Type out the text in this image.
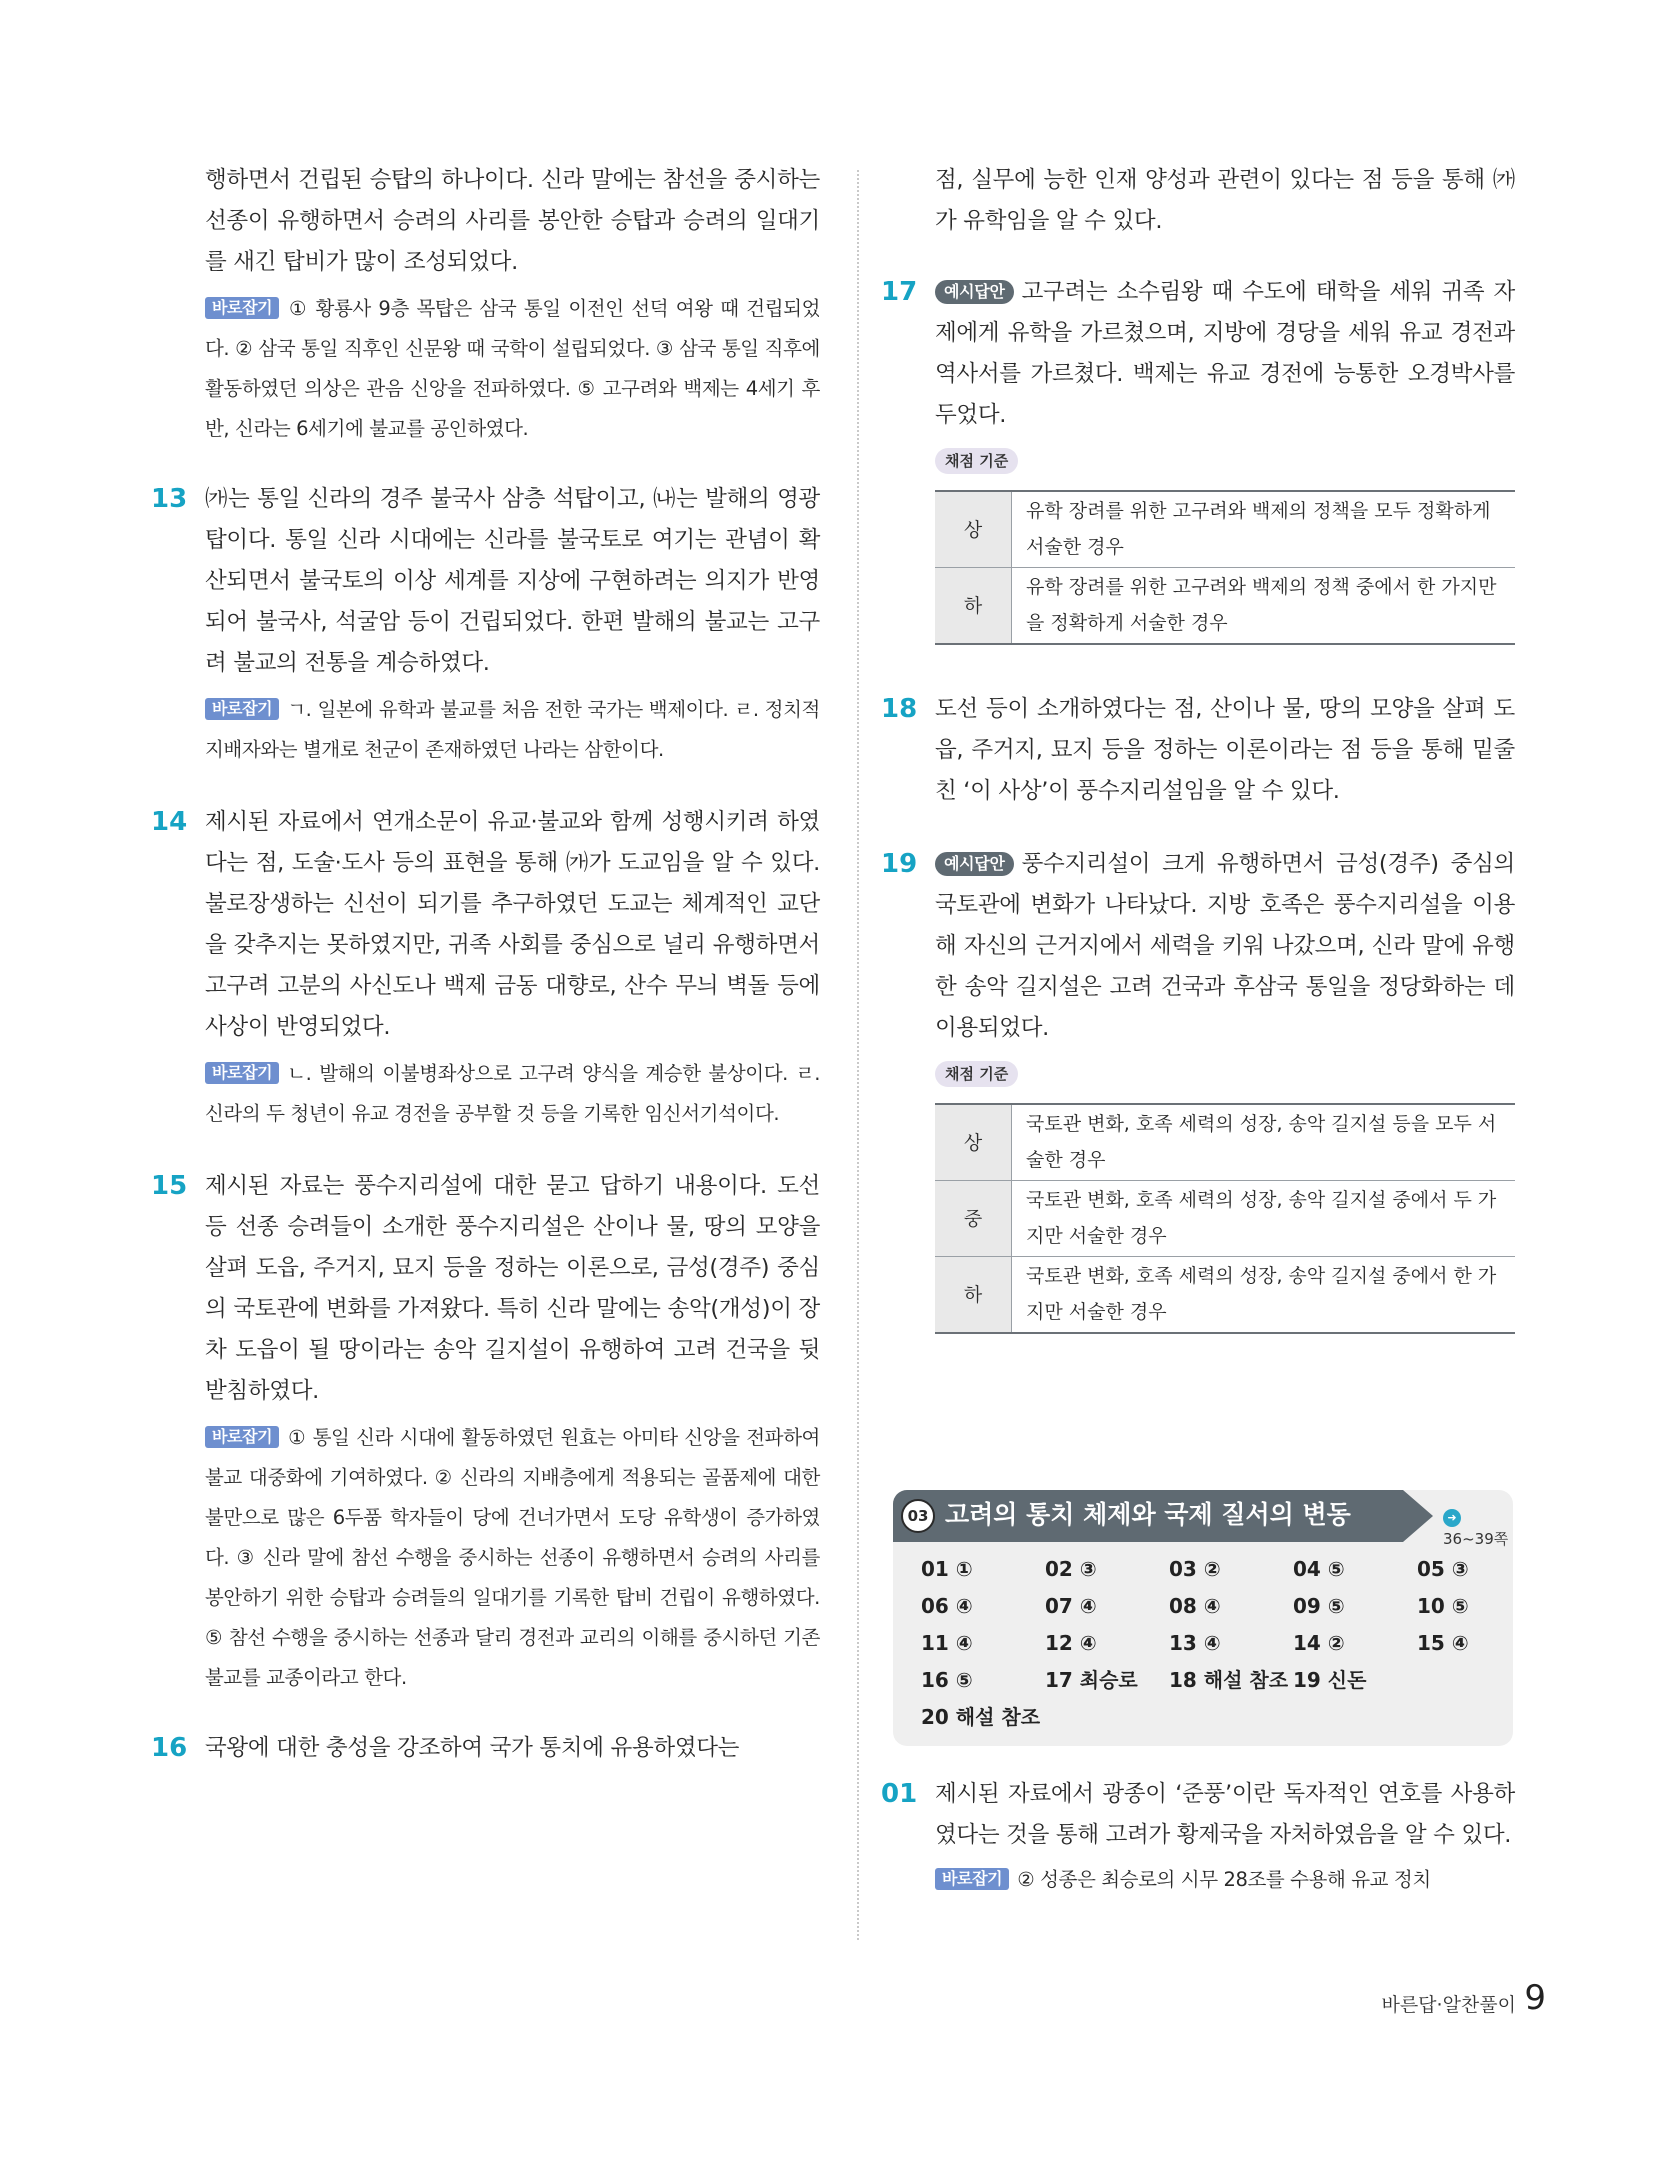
행하면서 건립된 승탑의 하나이다. 신라 말에는 참선을 중시하는 선종이 유행하면서 승려의 사리를 봉안한 승탑과 승려의 일대기를 새긴 탑비가 많이 조성되었다.

바로잡기 ① 황룡사 9층 목탑은 삼국 통일 이전인 선덕 여왕 때 건립되었다. ② 삼국 통일 직후인 신문왕 때 국학이 설립되었다. ③ 삼국 통일 직후에 활동하였던 의상은 관음 신앙을 전파하였다. ⑤ 고구려와 백제는 4세기 후반, 신라는 6세기에 불교를 공인하였다.

13 ㈎는 통일 신라의 경주 불국사 삼층 석탑이고, ㈏는 발해의 영광탑이다. 통일 신라 시대에는 신라를 불국토로 여기는 관념이 확산되면서 불국토의 이상 세계를 지상에 구현하려는 의지가 반영되어 불국사, 석굴암 등이 건립되었다. 한편 발해의 불교는 고구려 불교의 전통을 계승하였다.

바로잡기 ㄱ. 일본에 유학과 불교를 처음 전한 국가는 백제이다. ㄹ. 정치적 지배자와는 별개로 천군이 존재하였던 나라는 삼한이다.

14 제시된 자료에서 연개소문이 유교·불교와 함께 성행시키려 하였다는 점, 도술·도사 등의 표현을 통해 ㈎가 도교임을 알 수 있다. 불로장생하는 신선이 되기를 추구하였던 도교는 체계적인 교단을 갖추지는 못하였지만, 귀족 사회를 중심으로 널리 유행하면서 고구려 고분의 사신도나 백제 금동 대향로, 산수 무늬 벽돌 등에 사상이 반영되었다.

바로잡기 ㄴ. 발해의 이불병좌상으로 고구려 양식을 계승한 불상이다. ㄹ. 신라의 두 청년이 유교 경전을 공부할 것 등을 기록한 임신서기석이다.

15 제시된 자료는 풍수지리설에 대한 묻고 답하기 내용이다. 도선 등 선종 승려들이 소개한 풍수지리설은 산이나 물, 땅의 모양을 살펴 도읍, 주거지, 묘지 등을 정하는 이론으로, 금성(경주) 중심의 국토관에 변화를 가져왔다. 특히 신라 말에는 송악(개성)이 장차 도읍이 될 땅이라는 송악 길지설이 유행하여 고려 건국을 뒷받침하였다.

바로잡기 ① 통일 신라 시대에 활동하였던 원효는 아미타 신앙을 전파하여 불교 대중화에 기여하였다. ② 신라의 지배층에게 적용되는 골품제에 대한 불만으로 많은 6두품 학자들이 당에 건너가면서 도당 유학생이 증가하였다. ③ 신라 말에 참선 수행을 중시하는 선종이 유행하면서 승려의 사리를 봉안하기 위한 승탑과 승려들의 일대기를 기록한 탑비 건립이 유행하였다. ⑤ 참선 수행을 중시하는 선종과 달리 경전과 교리의 이해를 중시하던 기존 불교를 교종이라고 한다.

16 국왕에 대한 충성을 강조하여 국가 통치에 유용하였다는

점, 실무에 능한 인재 양성과 관련이 있다는 점 등을 통해 ㈎가 유학임을 알 수 있다.

17	예시답안 고구려는 소수림왕 때 수도에 태학을 세워 귀족 자제에게 유학을 가르쳤으며, 지방에 경당을 세워 유교 경전과 역사서를 가르쳤다. 백제는 유교 경전에 능통한 오경박사를 두었다.

채점 기준
상	유학 장려를 위한 고구려와 백제의 정책을 모두 정확하게 서술한 경우
하	유학 장려를 위한 고구려와 백제의 정책 중에서 한 가지만을 정확하게 서술한 경우
18 도선 등이 소개하였다는 점, 산이나 물, 땅의 모양을 살펴 도읍, 주거지, 묘지 등을 정하는 이론이라는 점 등을 통해 밑줄 친 ‘이 사상’이 풍수지리설임을 알 수 있다.

19	예시답안 풍수지리설이 크게 유행하면서 금성(경주) 중심의 국토관에 변화가 나타났다. 지방 호족은 풍수지리설을 이용해 자신의 근거지에서 세력을 키워 나갔으며, 신라 말에 유행한 송악 길지설은 고려 건국과 후삼국 통일을 정당화하는 데 이용되었다.

채점 기준
상	국토관 변화, 호족 세력의 성장, 송악 길지설 등을 모두 서술한 경우
중	국토관 변화, 호족 세력의 성장, 송악 길지설 중에서 두 가지만 서술한 경우
하	국토관 변화, 호족 세력의 성장, 송악 길지설 중에서 한 가지만 서술한 경우
03 고려의 통치 체제와 국제 질서의 변동	➜36~39쪽
01 ①	02 ③	03 ②	04 ⑤	05 ③
06 ④	07 ④	08 ④	09 ⑤	10 ⑤
11 ④	12 ④	13 ④	14 ②	15 ④
16 ⑤	17 최승로 18 해설 참조 19 신돈
20 해설 참조
01 제시된 자료에서 광종이 ‘준풍’이란 독자적인 연호를 사용하였다는 것을 통해 고려가 황제국을 자처하였음을 알 수 있다.

바로잡기 ② 성종은 최승로의 시무 28조를 수용해 유교 정치

바른답·알찬풀이 9
